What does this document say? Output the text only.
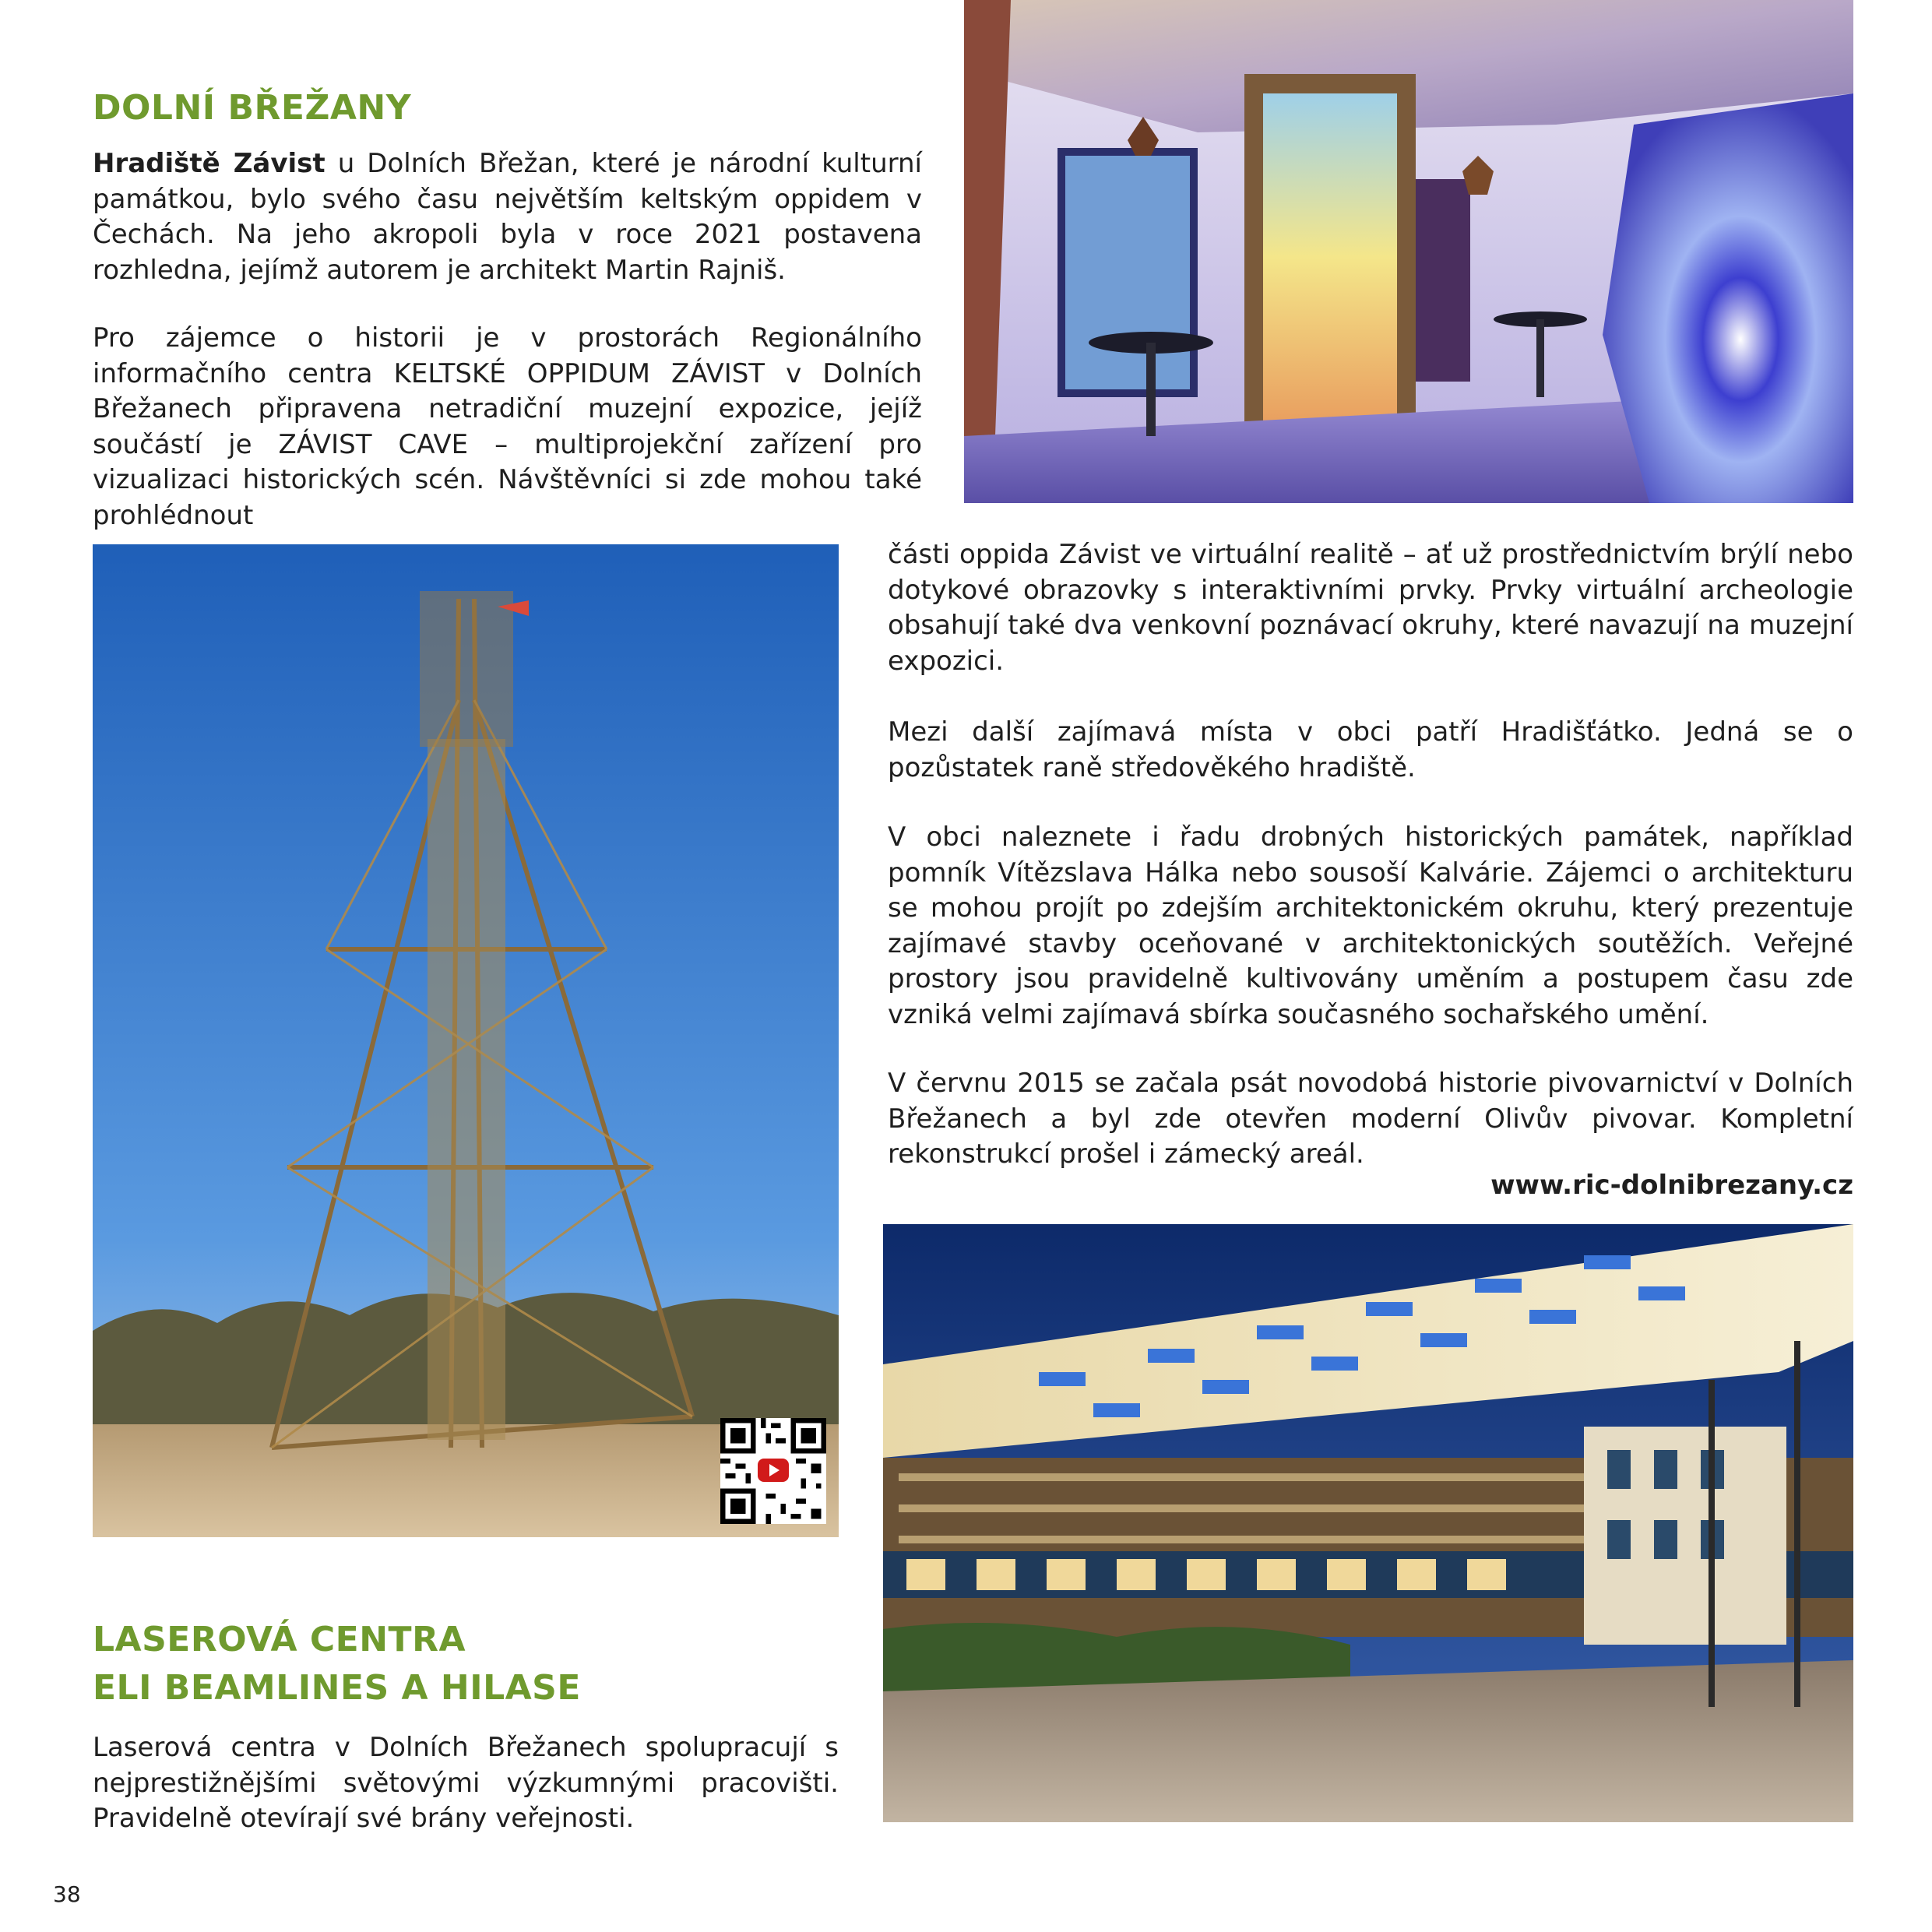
DOLNÍ BŘEŽANY

Hradiště Závist u Dolních Břežan, které je národní kulturní památkou, bylo svého času největším keltským oppidem v Čechách. Na jeho akropoli byla v roce 2021 postavena rozhledna, jejímž autorem je architekt Martin Rajniš.

Pro zájemce o historii je v prostorách Regionálního informačního centra KELTSKÉ OPPIDUM ZÁVIST v Dolních Břežanech připravena netradiční muzejní expozice, jejíž součástí je ZÁVIST CAVE – multiprojekční zařízení pro vizualizaci historických scén. Návštěvníci si zde mohou také prohlédnout

části oppida Závist ve virtuální realitě – ať už prostřednictvím brýlí nebo dotykové obrazovky s interaktivními prvky. Prvky virtuální archeologie obsahují také dva venkovní poznávací okruhy, které navazují na muzejní expozici.

Mezi další zajímavá místa v obci patří Hradišťátko. Jedná se o pozůstatek raně středověkého hradiště.

V obci naleznete i řadu drobných historických památek, například pomník Vítězslava Hálka nebo sousoší Kalvárie. Zájemci o architekturu se mohou projít po zdejším architektonickém okruhu, který prezentuje zajímavé stavby oceňované v architektonických soutěžích. Veřejné prostory jsou pravidelně kultivovány uměním a postupem času zde vzniká velmi zajímavá sbírka současného sochařského umění.

V červnu 2015 se začala psát novodobá historie pivovarnictví v Dolních Břežanech a byl zde otevřen moderní Olivův pivovar. Kompletní rekonstrukcí prošel i zámecký areál.

www.ric-dolnibrezany.cz
LASEROVÁ CENTRA
ELI BEAMLINES A HILASE

Laserová centra v Dolních Břežanech spolupracují s nejprestižnějšími světovými výzkumnými pracovišti. Pravidelně otevírají své brány veřejnosti.

38
